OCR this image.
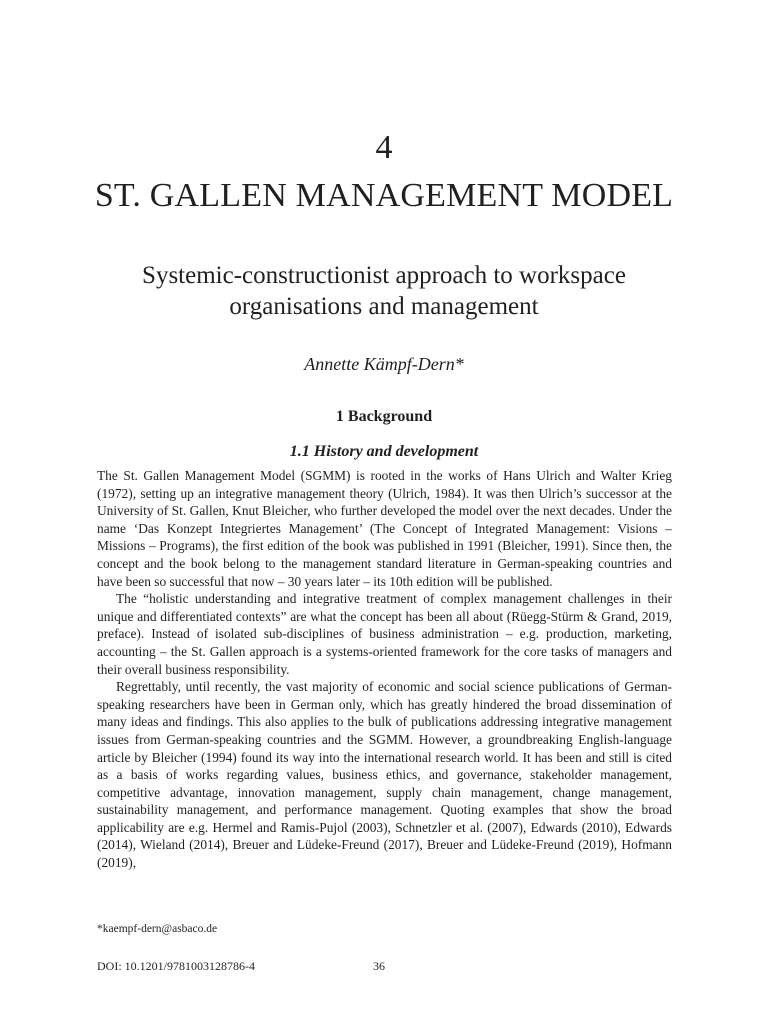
4
ST. GALLEN MANAGEMENT MODEL
Systemic-constructionist approach to workspace organisations and management
Annette Kämpf-Dern*
1 Background
1.1 History and development

The St. Gallen Management Model (SGMM) is rooted in the works of Hans Ulrich and Walter Krieg (1972), setting up an integrative management theory (Ulrich, 1984). It was then Ulrich’s successor at the University of St. Gallen, Knut Bleicher, who further developed the model over the next decades. Under the name ‘Das Konzept Integriertes Management’ (The Concept of Integrated Management: Visions – Missions – Programs), the first edition of the book was published in 1991 (Bleicher, 1991). Since then, the concept and the book belong to the management standard literature in German-speaking countries and have been so successful that now – 30 years later – its 10th edition will be published.

The “holistic understanding and integrative treatment of complex management challenges in their unique and differentiated contexts” are what the concept has been all about (Rüegg-Stürm & Grand, 2019, preface). Instead of isolated sub-disciplines of business administration – e.g. production, marketing, accounting – the St. Gallen approach is a systems-oriented framework for the core tasks of managers and their overall business responsibility.

Regrettably, until recently, the vast majority of economic and social science publications of German-speaking researchers have been in German only, which has greatly hindered the broad dissemination of many ideas and findings. This also applies to the bulk of publications addressing integrative management issues from German-speaking countries and the SGMM. However, a groundbreaking English-language article by Bleicher (1994) found its way into the international research world. It has been and still is cited as a basis of works regarding values, business ethics, and governance, stakeholder management, competitive advantage, innovation management, supply chain management, change management, sustainability management, and performance management. Quoting examples that show the broad applicability are e.g. Hermel and Ramis-Pujol (2003), Schnetzler et al. (2007), Edwards (2010), Edwards (2014), Wieland (2014), Breuer and Lüdeke-Freund (2017), Breuer and Lüdeke-Freund (2019), Hofmann (2019),

*kaempf-dern@asbaco.de
DOI: 10.1201/9781003128786-4	36
